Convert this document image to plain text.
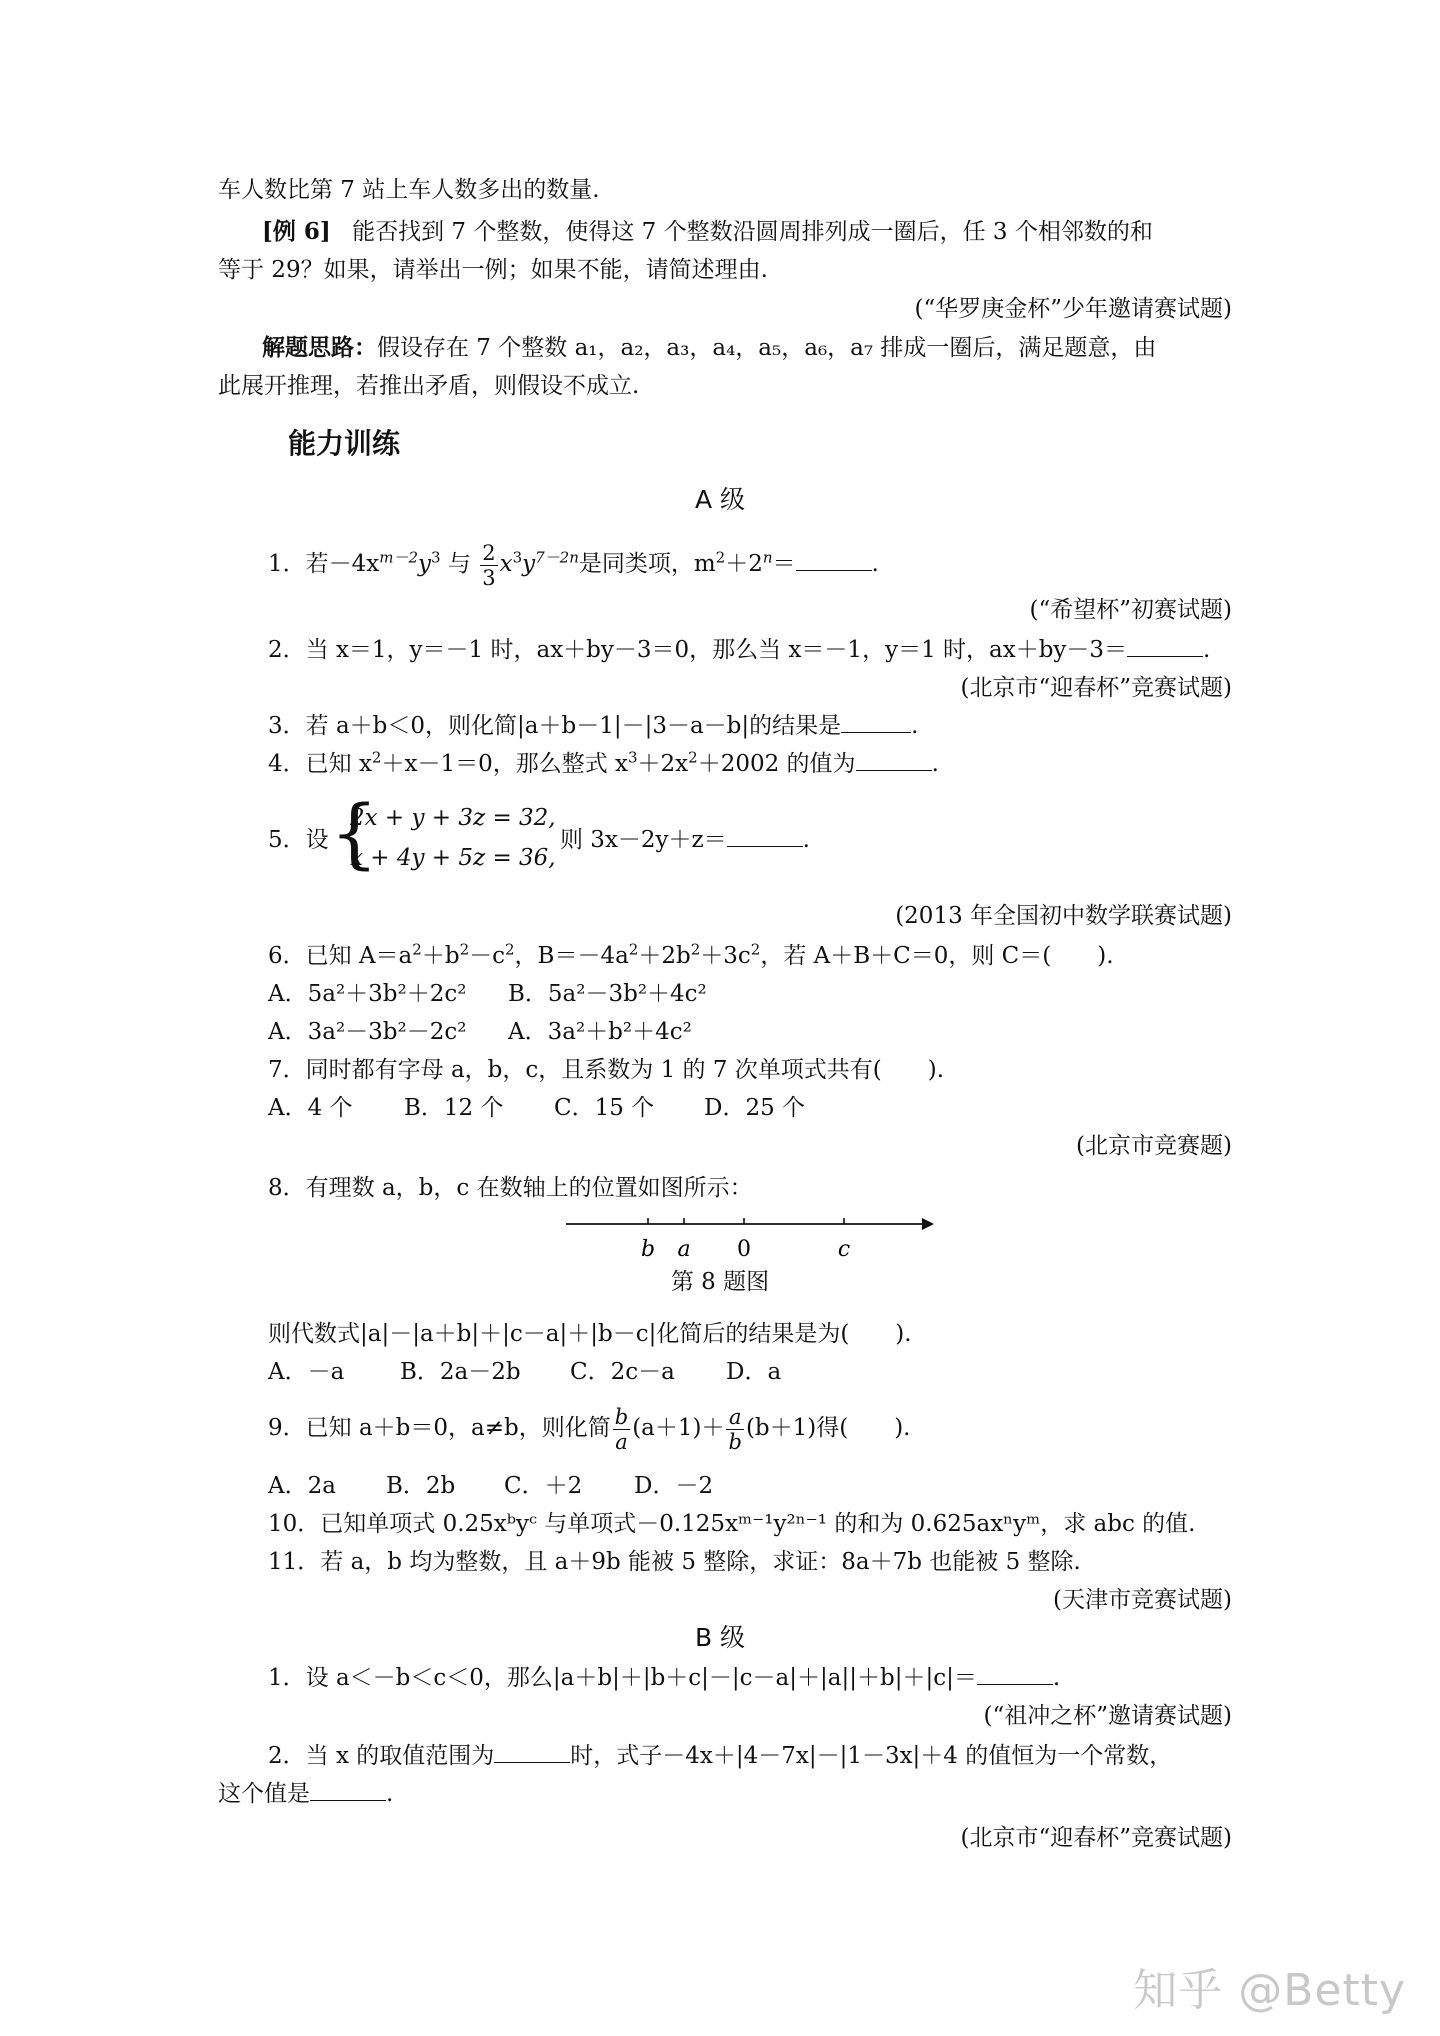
车人数比第 7 站上车人数多出的数量.
[例 6] 能否找到 7 个整数，使得这 7 个整数沿圆周排列成一圈后，任 3 个相邻数的和
等于 29？如果，请举出一例；如果不能，请简述理由.
(“华罗庚金杯”少年邀请赛试题)
解题思路：假设存在 7 个整数 a₁，a₂，a₃，a₄，a₅，a₆，a₇ 排成一圈后，满足题意，由
此展开推理，若推出矛盾，则假设不成立.
能力训练
A 级
1．若$-4x^{m-2}y^3$ 与 $\frac{2}{3} x^3y^{7-2n}$是同类项，$m^2+2^n=$	.
(“希望杯”初赛试题)
2．当 x＝1，y＝－1 时，ax＋by－3＝0，那么当 x＝－1，y＝1 时，ax＋by－3＝	.
(北京市“迎春杯”竞赛试题)
3．若 a＋b＜0，则化简|a＋b－1|－|3－a－b|的结果是	.
4．已知 $x^2+x-1=0$，那么整式 $x^3+2x^2+2002$ 的值为	.
5．设 {
2x + y + 3z = 32,
x + 4y + 5z = 36,
则 3x－2y＋z＝	.
(2013 年全国初中数学联赛试题)
6．已知 $A=a^2+b^2-c^2$，$B=-4a^2+2b^2+3c^2$，若 A＋B＋C＝0，则 C＝(　　).
A．5a²＋3b²＋2c² B．5a²－3b²＋4c²
A．3a²－3b²－2c² A．3a²＋b²＋4c²
7．同时都有字母 a，b，c，且系数为 1 的 7 次单项式共有(　　).
A．4 个 B．12 个 C．15 个 D．25 个
(北京市竞赛题)
8．有理数 a，b，c 在数轴上的位置如图所示：
b a 0	c
第 8 题图
则代数式|a|－|a＋b|＋|c－a|＋|b－c|化简后的结果是为(　　).
A．－a B．2a－2b C．2c－a D．a
9．已知 a＋b＝0，a≠b，则化简 $\frac{b}{a} (a+1)+ \frac{a}{b} (b+1)$得(　　).
A．2a B．2b C．＋2 D．－2
10．已知单项式 0.25xᵇyᶜ 与单项式－0.125xᵐ⁻¹y²ⁿ⁻¹ 的和为 0.625axⁿyᵐ，求 abc 的值.
11．若 a，b 均为整数，且 a＋9b 能被 5 整除，求证：8a＋7b 也能被 5 整除.
(天津市竞赛试题)
B 级
1．设 a＜－b＜c＜0，那么|a＋b|＋|b＋c|－|c－a|＋|a||＋b|＋|c|＝	.
(“祖冲之杯”邀请赛试题)
2．当 x 的取值范围为	时，式子－4x＋|4－7x|－|1－3x|＋4 的值恒为一个常数，
这个值是	.
(北京市“迎春杯”竞赛试题)
知乎 @Betty
